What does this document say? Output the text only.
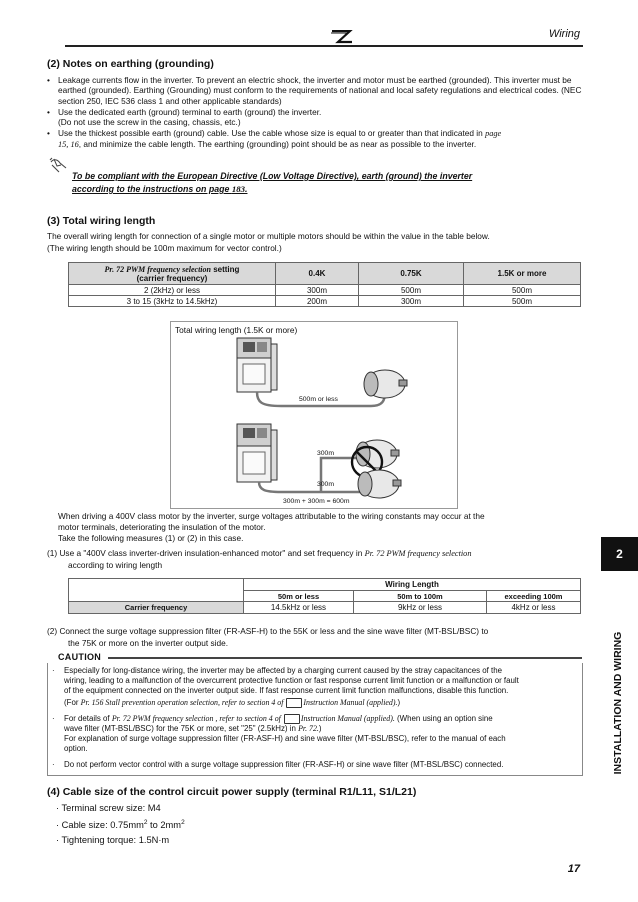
Wiring
2
INSTALLATION AND WIRING
(2) Notes on earthing (grounding)
• Leakage currents flow in the inverter. To prevent an electric shock, the inverter and motor must be earthed (grounded). This inverter must be earthed (grounded). Earthing (Grounding) must conform to the requirements of national and local safety regulations and electrical codes. (NEC section 250, IEC 536 class 1 and other applicable standards)
• Use the dedicated earth (ground) terminal to earth (ground) the inverter.
(Do not use the screw in the casing, chassis, etc.)
• Use the thickest possible earth (ground) cable. Use the cable whose size is equal to or greater than that indicated in page
15, 16, and minimize the cable length. The earthing (grounding) point should be as near as possible to the inverter.
To be compliant with the European Directive (Low Voltage Directive), earth (ground) the inverter
according to the instructions on page 183.
(3) Total wiring length
The overall wiring length for connection of a single motor or multiple motors should be within the value in the table below.
(The wiring length should be 100m maximum for vector control.)
Pr. 72 PWM frequency selection setting
(carrier frequency)	0.4K	0.75K	1.5K or more
2 (2kHz) or less	300m	500m	500m
3 to 15 (3kHz to 14.5kHz)	200m	300m	500m
Total wiring length (1.5K or more)
500m or less
300m
300m
300m + 300m = 600m
When driving a 400V class motor by the inverter, surge voltages attributable to the wiring constants may occur at the
motor terminals, deteriorating the insulation of the motor.
Take the following measures (1) or (2) in this case.
(1) Use a "400V class inverter-driven insulation-enhanced motor" and set frequency in Pr. 72 PWM frequency selection
according to wiring length
	Wiring Length		
	50m or less	50m to 100m	exceeding 100m
Carrier frequency	14.5kHz or less	9kHz or less	4kHz or less
(2) Connect the surge voltage suppression filter (FR-ASF-H) to the 55K or less and the sine wave filter (MT-BSL/BSC) to
the 75K or more on the inverter output side.
CAUTION
· Especially for long-distance wiring, the inverter may be affected by a charging current caused by the stray capacitances of the
wiring, leading to a malfunction of the overcurrent protective function or fast response current limit function or a malfunction or fault
of the equipment connected on the inverter output side. If fast response current limit function malfunctions, disable this function.
(For Pr. 156 Stall prevention operation selection, refer to section 4 of Instruction Manual (applied).)
· For details of Pr. 72 PWM frequency selection , refer to section 4 of Instruction Manual (applied). (When using an option sine
wave filter (MT-BSL/BSC) for the 75K or more, set "25" (2.5kHz) in Pr. 72.)
For explanation of surge voltage suppression filter (FR-ASF-H) and sine wave filter (MT-BSL/BSC), refer to the manual of each
option.
· Do not perform vector control with a surge voltage suppression filter (FR-ASF-H) or sine wave filter (MT-BSL/BSC) connected.
(4) Cable size of the control circuit power supply (terminal R1/L11, S1/L21)
· Terminal screw size: M4
· Cable size: $0.75mm^2$ to $2mm^2$
· Tightening torque: 1.5N·m
17
